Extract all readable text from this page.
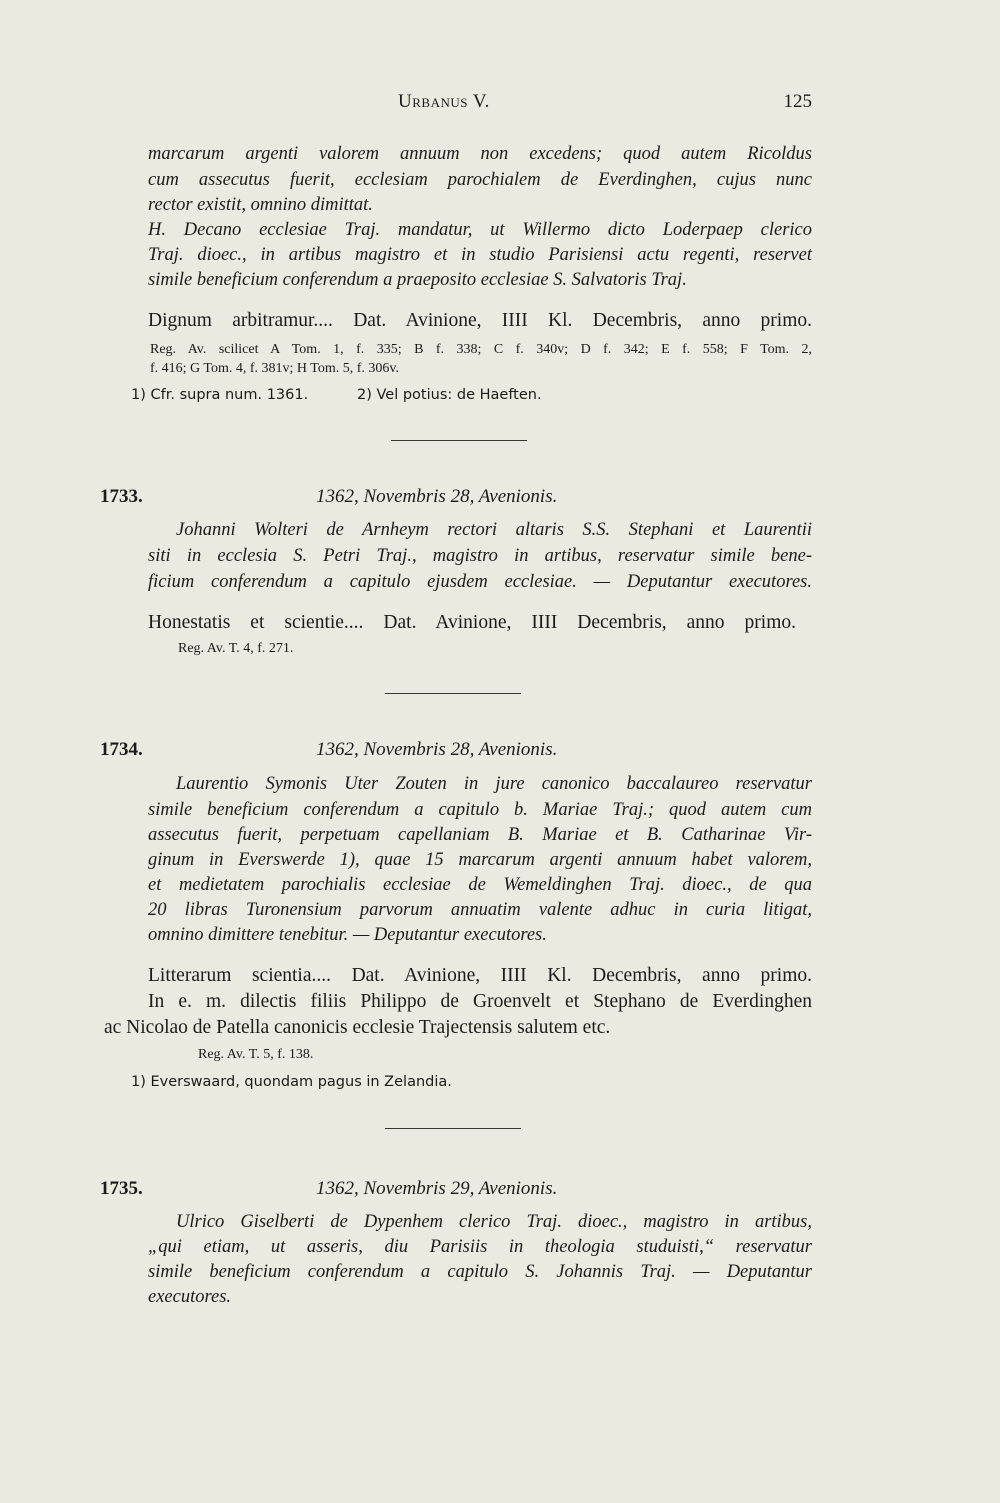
Urbanus V.	125
marcarum argenti valorem annuum non excedens; quod autem Ricoldus
cum assecutus fuerit, ecclesiam parochialem de Everdinghen, cujus nunc
rector existit, omnino dimittat.
H. Decano ecclesiae Traj. mandatur, ut Willermo dicto Loderpaep clerico
Traj. dioec., in artibus magistro et in studio Parisiensi actu regenti, reservet
simile beneficium conferendum a praeposito ecclesiae S. Salvatoris Traj.
Dignum arbitramur.... Dat. Avinione, IIII Kl. Decembris, anno primo.
Reg. Av. scilicet A Tom. 1, f. 335; B f. 338; C f. 340v; D f. 342; E f. 558; F Tom. 2,
f. 416; G Tom. 4, f. 381v; H Tom. 5, f. 306v.
1) Cfr. supra num. 1361.	2) Vel potius: de Haeften.
1733.	1362, Novembris 28, Avenionis.
Johanni Wolteri de Arnheym rectori altaris S.S. Stephani et Laurentii
siti in ecclesia S. Petri Traj., magistro in artibus, reservatur simile bene-
ficium conferendum a capitulo ejusdem ecclesiae. — Deputantur executores.
Honestatis et scientie.... Dat. Avinione, IIII Decembris, anno primo.
Reg. Av. T. 4, f. 271.
1734.	1362, Novembris 28, Avenionis.
Laurentio Symonis Uter Zouten in jure canonico baccalaureo reservatur
simile beneficium conferendum a capitulo b. Mariae Traj.; quod autem cum
assecutus fuerit, perpetuam capellaniam B. Mariae et B. Catharinae Vir-
ginum in Everswerde 1), quae 15 marcarum argenti annuum habet valorem,
et medietatem parochialis ecclesiae de Wemeldinghen Traj. dioec., de qua
20 libras Turonensium parvorum annuatim valente adhuc in curia litigat,
omnino dimittere tenebitur. — Deputantur executores.
Litterarum scientia.... Dat. Avinione, IIII Kl. Decembris, anno primo.
In e. m. dilectis filiis Philippo de Groenvelt et Stephano de Everdinghen
ac Nicolao de Patella canonicis ecclesie Trajectensis salutem etc.
Reg. Av. T. 5, f. 138.
1) Everswaard, quondam pagus in Zelandia.
1735.	1362, Novembris 29, Avenionis.
Ulrico Giselberti de Dypenhem clerico Traj. dioec., magistro in artibus,
„qui etiam, ut asseris, diu Parisiis in theologia studuisti,“ reservatur
simile beneficium conferendum a capitulo S. Johannis Traj. — Deputantur
executores.
